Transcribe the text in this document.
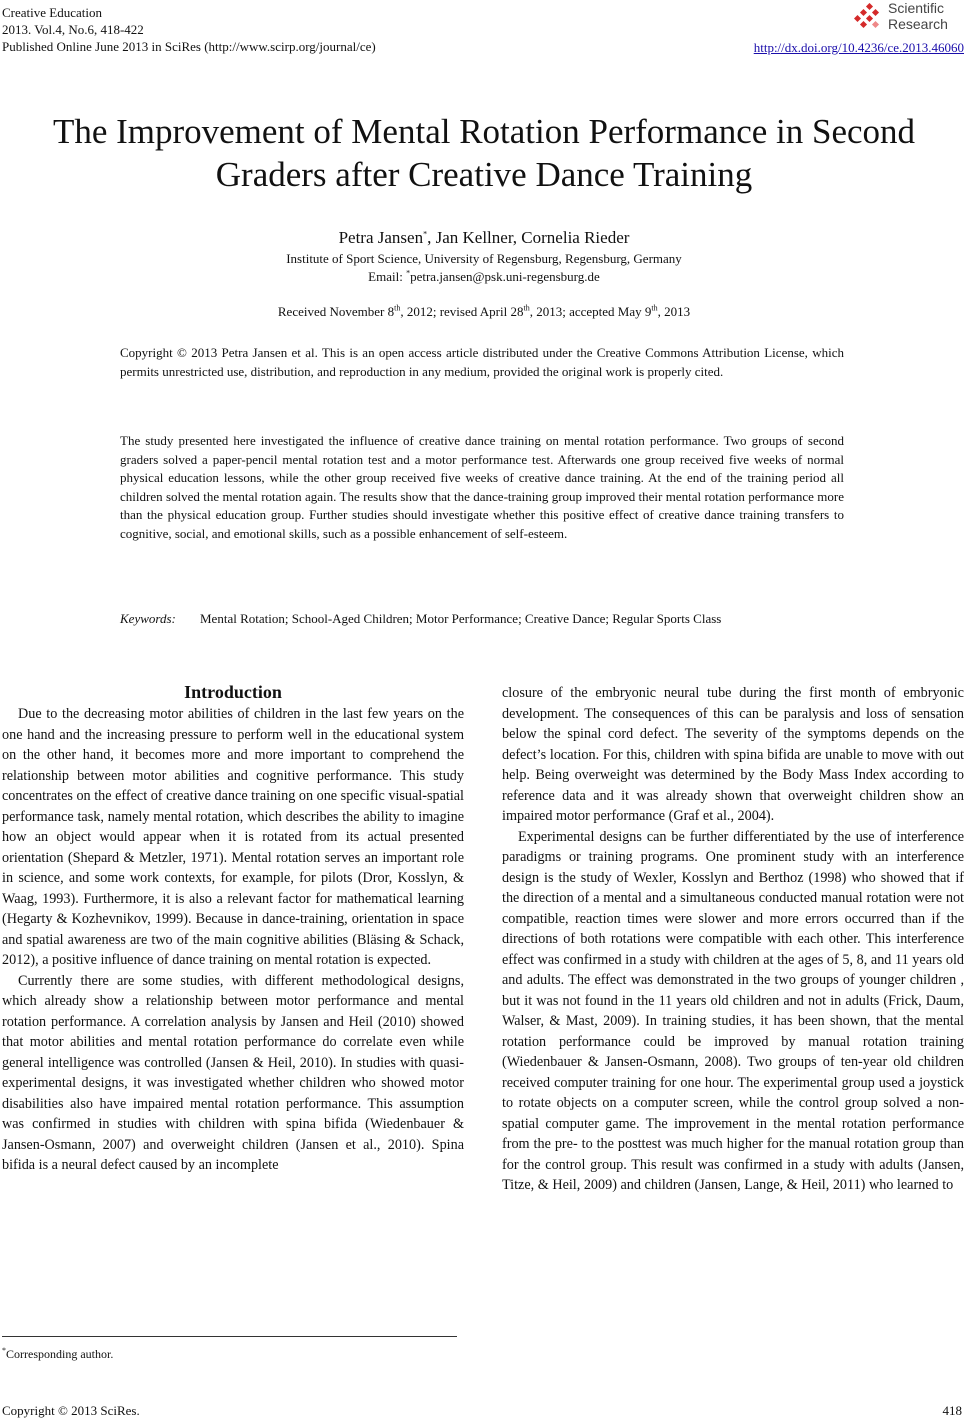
Creative Education
2013. Vol.4, No.6, 418-422
Published Online June 2013 in SciRes (http://www.scirp.org/journal/ce)
Scientific
Research
http://dx.doi.org/10.4236/ce.2013.46060
The Improvement of Mental Rotation Performance in Second
Graders after Creative Dance Training
Petra Jansen*, Jan Kellner, Cornelia Rieder
Institute of Sport Science, University of Regensburg, Regensburg, Germany
Email: *petra.jansen@psk.uni-regensburg.de
Received November 8th, 2012; revised April 28th, 2013; accepted May 9th, 2013
Copyright © 2013 Petra Jansen et al. This is an open access article distributed under the Creative Commons Attribution License, which permits unrestricted use, distribution, and reproduction in any medium, provided the original work is properly cited.
The study presented here investigated the influence of creative dance training on mental rotation performance. Two groups of second graders solved a paper-pencil mental rotation test and a motor performance test. Afterwards one group received five weeks of normal physical education lessons, while the other group received five weeks of creative dance training. At the end of the training period all children solved the mental rotation again. The results show that the dance-training group improved their mental rotation performance more than the physical education group. Further studies should investigate whether this positive effect of creative dance training transfers to cognitive, social, and emotional skills, such as a possible enhancement of self-esteem.
Keywords:Mental Rotation; School-Aged Children; Motor Performance; Creative Dance; Regular Sports Class

Introduction

Due to the decreasing motor abilities of children in the last few years on the one hand and the increasing pressure to perform well in the educational system on the other hand, it becomes more and more important to comprehend the relationship between motor abilities and cognitive performance. This study concentrates on the effect of creative dance training on one specific visual-spatial performance task, namely mental rotation, which describes the ability to imagine how an object would appear when it is rotated from its actual presented orientation (Shepard & Metzler, 1971). Mental rotation serves an important role in science, and some work contexts, for example, for pilots (Dror, Kosslyn, & Waag, 1993). Furthermore, it is also a relevant factor for mathematical learning (Hegarty & Kozhevnikov, 1999). Because in dance-training, orientation in space and spatial awareness are two of the main cognitive abilities (Bläsing & Schack, 2012), a positive influence of dance training on mental rotation is expected.

Currently there are some studies, with different methodological designs, which already show a relationship between motor performance and mental rotation performance. A correlation analysis by Jansen and Heil (2010) showed that motor abilities and mental rotation performance do correlate even while general intelligence was controlled (Jansen & Heil, 2010). In studies with quasi-experimental designs, it was investigated whether children who showed motor disabilities also have impaired mental rotation performance. This assumption was confirmed in studies with children with spina bifida (Wiedenbauer & Jansen-Osmann, 2007) and overweight children (Jansen et al., 2010). Spina bifida is a neural defect caused by an incomplete

closure of the embryonic neural tube during the first month of embryonic development. The consequences of this can be paralysis and loss of sensation below the spinal cord defect. The severity of the symptoms depends on the defect’s location. For this, children with spina bifida are unable to move with out help. Being overweight was determined by the Body Mass Index according to reference data and it was already shown that overweight children show an impaired motor performance (Graf et al., 2004).

Experimental designs can be further differentiated by the use of interference paradigms or training programs. One prominent study with an interference design is the study of Wexler, Kosslyn and Berthoz (1998) who showed that if the direction of a mental and a simultaneous conducted manual rotation were not compatible, reaction times were slower and more errors occurred than if the directions of both rotations were compatible with each other. This interference effect was confirmed in a study with children at the ages of 5, 8, and 11 years old and adults. The effect was demonstrated in the two groups of younger children , but it was not found in the 11 years old children and not in adults (Frick, Daum, Walser, & Mast, 2009). In training studies, it has been shown, that the mental rotation performance could be improved by manual rotation training (Wiedenbauer & Jansen-Osmann, 2008). Two groups of ten-year old children received computer training for one hour. The experimental group used a joystick to rotate objects on a computer screen, while the control group solved a non-spatial computer game. The improvement in the mental rotation performance from the pre- to the posttest was much higher for the manual rotation group than for the control group. This result was confirmed in a study with adults (Jansen, Titze, & Heil, 2009) and children (Jansen, Lange, & Heil, 2011) who learned to

*Corresponding author.
Copyright © 2013 SciRes.	418
